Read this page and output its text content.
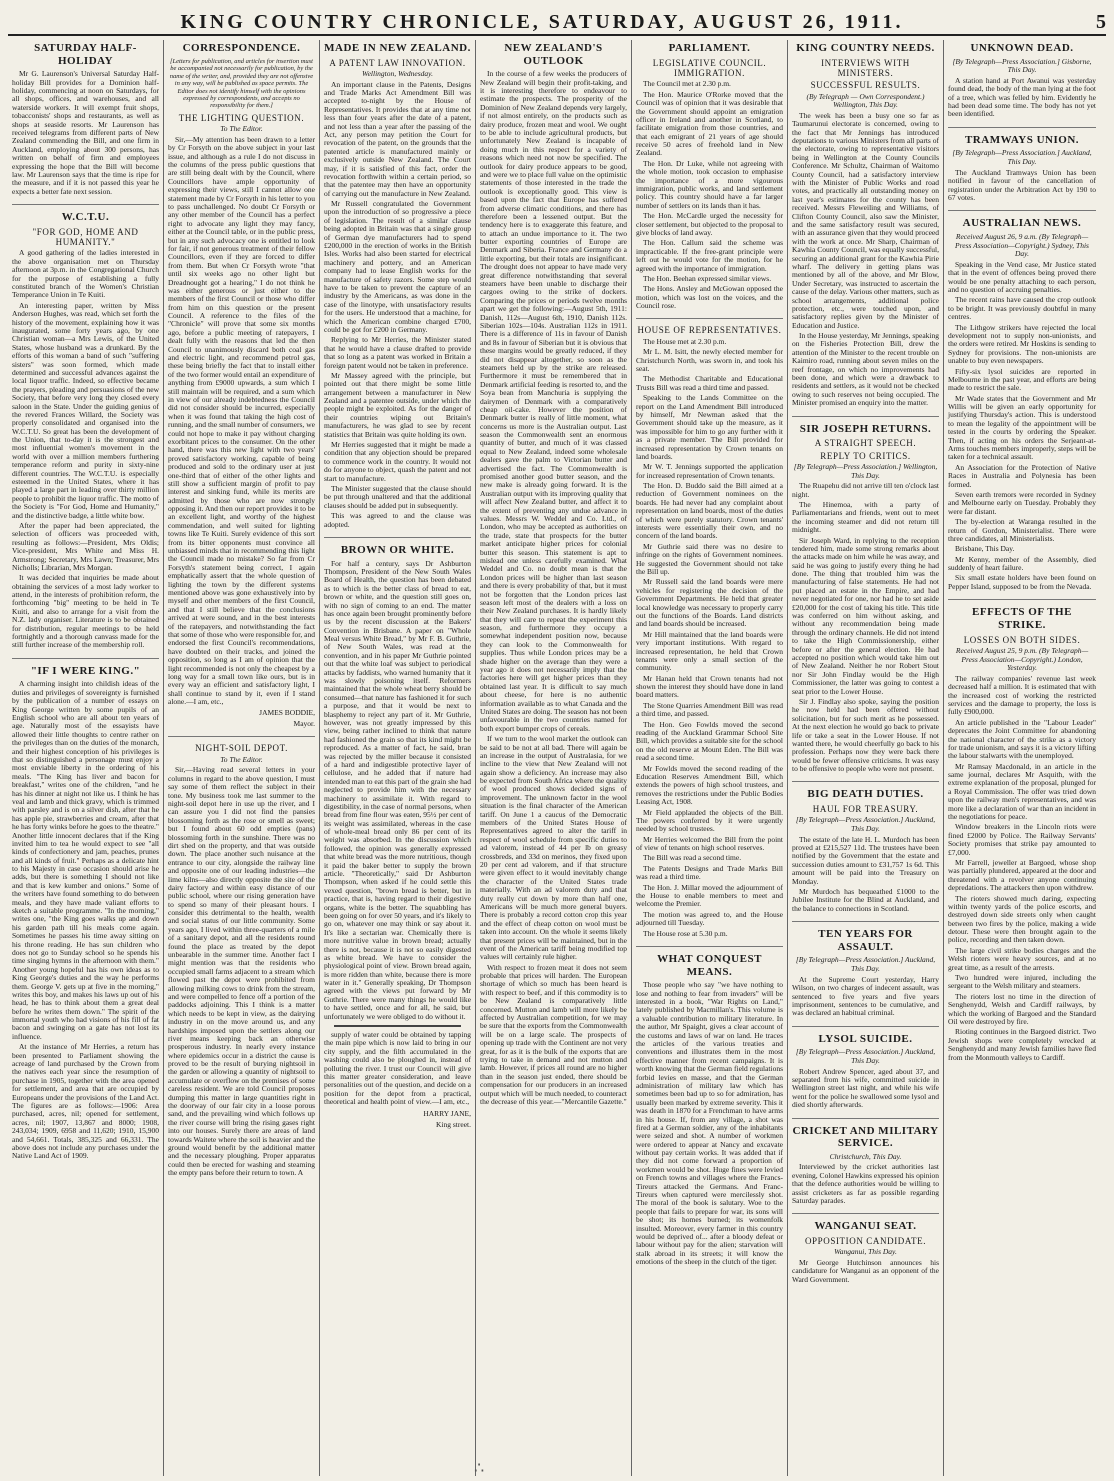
KING COUNTRY CHRONICLE, SATURDAY, AUGUST 26, 1911.	5
SATURDAY HALF-HOLIDAY

Mr G. Laurenson's Universal Saturday Half-holiday Bill provides for a Dominion half-holiday, commencing at noon on Saturdays, for all shops, offices, and warehouses, and all waterside workers. It will exempt fruit shops, tobacconists' shops and restaurants, as well as shops at seaside resorts. Mr Laurenson has received telegrams from different parts of New Zealand commending the Bill, and one firm in Auckland, employing about 300 persons, has written on behalf of firm and employees expressing the hope that the Bill will become law. Mr Laurenson says that the time is ripe for the measure, and if it is not passed this year he expects a better fate next session.

W.C.T.U.
"FOR GOD, HOME AND HUMANITY."

A good gathering of the ladies interested in the above organisation met on Thursday afternoon at 3p.m. in the Congregational Church for the purpose of establishing a fully constituted branch of the Women's Christian Temperance Union in Te Kuiti.

An interesting paper, written by Miss Anderson Hughes, was read, which set forth the history of the movement, explaining how it was inaugurated, some forty years ago, by one Christian woman—a Mrs Lewis, of the United States, whose husband was a drunkard. By the efforts of this woman a band of such "suffering sisters" was soon formed, which made determined and successful advances against the local liquor traffic. Indeed, so effective became the prayers, pleading and persuasions of the new Society, that before very long they closed every saloon in the State. Under the guiding genius of the revered Frances Willard, the Society was properly consolidated and organised into the W.C.T.U. So great has been the development of the Union, that to-day it is the strongest and most influential women's movement in the world with over a million members furthering temperance reform and purity in sixty-nine different countries. The W.C.T.U. is especially esteemed in the United States, where it has played a large part in leading over thirty million people to prohibit the liquor traffic. The motto of the Society is "For God, Home and Humanity," and the distinctive badge, a little white bow.

After the paper had been appreciated, the selection of officers was proceeded with, resulting as follows:—President, Mrs Oldis; Vice-president, Mrs White and Miss H. Armstrong; Secretary, Mrs Lawn; Treasurer, Mrs Nicholls; Librarian, Mrs Morgan.

It was decided that inquiries be made about obtaining the services of a most lady worker to attend, in the interests of prohibition reform, the forthcoming "big" meeting to be held in Te Kuiti, and also to arrange for a visit from the N.Z. lady organiser. Literature is to be obtained for distribution, regular meetings to be held fortnightly and a thorough canvass made for the still further increase of the membership roll.

"IF I WERE KING."

A charming insight into childish ideas of the duties and privileges of sovereignty is furnished by the publication of a number of essays on King George written by some pupils of an English school who are all about ten years of age. Naturally most of the essayists have allowed their little thoughts to centre rather on the privileges than on the duties of the monarch, and their highest conception of his privileges is that so distinguished a personage must enjoy a most enviable liberty in the ordering of his meals. "The King has liver and bacon for breakfast," writes one of the children, "and he has his dinner at night not like us. I think he has veal and lamb and thick gravy, which is trimmed with parsley and is on a silver dish, after that he has apple pie, strawberries and cream, after that he has forty winks before he goes to the theatre." Another little innocent declares that if the King invited him to tea he would expect to see "all kinds of confectionery and jam, peaches, prunes and all kinds of fruit." Perhaps as a delicate hint to his Majesty in case occasion should arise he adds, but there is something I should not like and that is kew kumber and onions." Some of the writers have found something to do between meals, and they have made valiant efforts to sketch a suitable programme. "In the morning," writes one, "the King goes walks up and down his garden path till his meals come again. Sometimes he passes his time away sitting on his throne reading. He has sun children who does not go to Sunday school so he spends his time singing hymns in the afternoon with them." Another young hopeful has his own ideas as to King George's duties and the way he performs them. George V. gets up at five in the morning," writes this boy, and makes his laws up out of his head, he has to think about them a great deal before he writes them down." The spirit of the immortal youth who had visions of his fill of fat bacon and swinging on a gate has not lost its influence.

At the instance of Mr Herries, a return has been presented to Parliament showing the acreage of land purchased by the Crown from the natives each year since the resumption of purchase in 1905, together with the area opened for settlement, and area that are occupied by Europeans under the provisions of the Land Act. The figures are as follows:—1906: Area purchased, acres, nil; opened for settlement, acres, nil; 1907, 13,867 and 8000; 1908, 243,034; 1909, 6958 and 11,620; 1910, 15,900 and 54,661. Totals, 385,325 and 66,331. The above does not include any purchases under the Native Land Act of 1909.

CORRESPONDENCE.
[Letters for publication, and articles for insertion must be accompanied not necessarily for publication, by the name of the writer, and, provided they are not offensive in any way, will be published as space permits. The Editor does not identify himself with the opinions expressed by correspondents, and accepts no responsibility for them.]
THE LIGHTING QUESTION.
To The Editor.

Sir,—My attention has been drawn to a letter by Cr Forsyth on the above subject in your last issue, and although as a rule I do not discuss in the columns of the press public questions that are still being dealt with by the Council, where Councillors have ample opportunity of expressing their views, still I cannot allow one statement made by Cr Forsyth in his letter to you to pass unchallenged. No doubt Cr Forsyth or any other member of the Council has a perfect right to advocate any light they may fancy, either at the Council table, or in the public press, but in any such advocacy one is entitled to look for fair, if not generous treatment of their fellow Councillors, even if they are forced to differ from them. But when Cr Forsyth wrote "that until six weeks ago no other light but Dreadnought got a hearing," I do not think he was either generous or just either to the members of the first Council or those who differ from him on this question or the present Council. A reference to the files of the "Chronicle" will prove that some six months ago, before a public meeting of ratepayers, I dealt fully with the reasons that led the then Council to unanimously discard both coal gas and electric light, and recommend petrol gas, these being briefly the fact that to install either of the two former would entail an expenditure of anything from £9000 upwards, a sum which I still maintain will be required, and a sum which in view of our already indebtedness the Council did not consider should be incurred, especially when it was found that taking the high cost of running, and the small number of consumers, we could not hope to make it pay without charging exorbitant prices to the consumer. On the other hand, there was this new light with two years' proved satisfactory working, capable of being produced and sold to the ordinary user at just one-third that of either of the other lights and still show a sufficient margin of profit to pay interest and sinking fund, while its merits are admitted by those who are now strongly opposing it. And then our report provides it to be an excellent light, and worthy of the highest commendation, and well suited for lighting towns like Te Kuiti. Surely evidence of this sort from its bitter opponents must convince all unbiassed minds that in recommending this light the Council made no mistake? So far from Cr Forsyth's statement being correct, I again emphatically assert that the whole question of lighting the town by the different systems mentioned above was gone exhaustively into by myself and other members of the first Council, and that I still believe that the conclusions arrived at were sound, and in the best interests of the ratepayers, and notwithstanding the fact that some of those who were responsible for, and endorsed the first Council's recommendations, have doubted on their tracks, and joined the opposition, so long as I am of opinion that the light recommended is not only the cheapest by a long way for a small town like ours, but is in every way an efficient and satisfactory light, I shall continue to stand by it, even if I stand alone.—I am, etc.,

JAMES BODDIE,
Mayor.
NIGHT-SOIL DEPOT.
To The Editor.

Sir,—Having read several letters in your columns in regard to the above question, I must say some of them reflect the subject in their tone. My business took me last summer to the night-soil depot here in use up the river, and I can assure you I did not find the pansies blossoming forth as the rose or smell as sweet; but I found about 60 odd empties (pans) blossoming forth in the sunshine. There was no dirt shed on the property, and that was outside down. The place another such nuisance at the entrance to our city, alongside the railway line and opposite one of our leading industries—the lime kilns—also directly opposite the site of the dairy factory and within easy distance of our public school, where our rising generation have to spend so many of their pleasant hours. I consider this detrimental to the health, wealth and social status of our little community. Some years ago, I lived within three-quarters of a mile of a sanitary depot, and all the residents round found the place as treated by the depot unbearable in the summer time. Another fact I might mention was that the residents who occupied small farms adjacent to a stream which flowed past the depot were prohibited from allowing milking cows to drink from the stream, and were compelled to fence off a portion of the paddocks adjoining. This I think is a matter which needs to be kept in view, as the dairying industry in on the move around us, and any hardships imposed upon the settlers along our river means keeping back an otherwise prosperous industry. In nearly every instance where epidemics occur in a district the cause is proved to be the result of burying nightsoil in the garden or allowing a quantity of nightsoil to accumulate or overflow on the premises of some careless resident. We are told Council proposes dumping this matter in large quantities right in the doorway of our fair city in a loose porous sand, and the prevailing wind which follows up the river course will bring the rising gases right into our houses. Surely there are areas of land towards Waitete where the soil is heavier and the ground would benefit by the additional matter and the necessary ploughing. Proper apparatus could then be erected for washing and steaming the empty pans before their return to town. A

MADE IN NEW ZEALAND.
A PATENT LAW INNOVATION.
Wellington, Wednesday.

An important clause in the Patents, Designs and Trade Marks Act Amendment Bill was accepted to-night by the House of Representatives. It provides that at any time not less than four years after the date of a patent, and not less than a year after the passing of the Act, any person may petition the Court for revocation of the patent, on the grounds that the patented article is manufactured mainly or exclusively outside New Zealand. The Court may, if it is satisfied of this fact, order the revocation forthwith within a certain period, so that the patentee may then have an opportunity of carrying out the manufacture in New Zealand.

Mr Russell congratulated the Government upon the introduction of so progressive a piece of legislation. The result of a similar clause being adopted in Britain was that a single group of German dye manufacturers had to spend £200,000 in the erection of works in the British Isles. Works had also been started for electrical machinery and pottery, and an American company had to lease English works for the manufacture of safety razors. Some step would have to be taken to prevent the capture of an industry by the Americans, as was done in the case of the linotype, with unsatisfactory results for the users. He understood that a machine, for which the American combine charged £700, could be got for £200 in Germany.

Replying to Mr Herries, the Minister stated that he would have a clause drafted to provide that so long as a patent was worked in Britain a foreign patent would not be taken in preference.

Mr Massey agreed with the principle, but pointed out that there might be some little arrangement between a manufacturer in New Zealand and a patentee outside, under which the people might be exploited. As for the danger of their countries wiping out Britain's manufacturers, he was glad to see by recent statistics that Britain was quite holding its own.

Mr Herries suggested that it might be made a condition that any objection should be prepared to commence work in the country. It would not do for anyone to object, quash the patent and not start to manufacture.

The Minister suggested that the clause should be put through unaltered and that the additional clauses should be added put in subsequently.

This was agreed to and the clause was adopted.

BROWN OR WHITE.

For half a century, says Dr Ashburton Thompson, President of the New South Wales Board of Health, the question has been debated as to which is the better class of bread to eat, brown or white, and the question still goes on, with no sign of coming to an end. The matter has once again been brought prominently before us by the recent discussion at the Bakers' Convention in Brisbane. A paper on "Whole Meal versus White Bread," by Mr F. B. Guthrie, of New South Wales, was read at the convention, and in his paper Mr Guthrie pointed out that the white loaf was subject to periodical attacks by faddists, who warned humanity that it was slowly poisoning itself. Reformers maintained that the whole wheat berry should be consumed—that nature has fashioned it for such a purpose, and that it would be next to blasphemy to reject any part of it. Mr Guthrie, however, was not greatly impressed by this view, being rather inclined to think that nature had fashioned the grain so that its kind might be reproduced. As a matter of fact, he said, bran was rejected by the miller because it consisted of a hard and indigestible protective layer of cellulose, and he added that if nature had intended man to eat this part of the grain she had neglected to provide him with the necessary machinery to assimilate it. With regard to digestibility, in the case of normal persons, when bread from fine flour was eaten, 95½ per cent of its weight was assimilated, whereas in the case of whole-meal bread only 86 per cent of its weight was absorbed. In the discussion which followed, the opinion was generally expressed that white bread was the more nutritious, though it paid the baker better to supply the brown article. "Theoretically," said Dr Ashburton Thompson, when asked if he could settle this vexed question, "brown bread is better, but in practice, that is, having regard to their digestive organs, white is the better. The squabbling has been going on for over 50 years, and it's likely to go on, whatever one may think or say about it. It's like a sectarian war. Chemically there is more nutritive value in brown bread; actually there is not, because it is not so easily digested as white bread. We have to consider the physiological point of view. Brown bread again, is more ridden than white, because there is more water in it." Generally speaking, Dr Thompson agreed with the views put forward by Mr Guthrie. There were many things he would like to have settled, once and for all, he said, but unfortunately we were obliged to do without it.

supply of water could be obtained by tapping the main pipe which is now laid to bring in our city supply, and the filth accumulated in the washing could also be ploughed in, instead of polluting the river. I trust our Council will give this matter greater consideration, and leave personalities out of the question, and decide on a position for the depot from a practical, theoretical and health point of view.—I am, etc.,

HARRY JANE,
King street.
NEW ZEALAND'S OUTLOOK

In the course of a few weeks the producers of New Zealand will begin their profit-taking, and it is interesting therefore to endeavour to estimate the prospects. The prosperity of the Dominion of New Zealand depends very largely, if not almost entirely, on the products such as dairy produce, frozen meat and wool. We ought to be able to include agricultural products, but unfortunately New Zealand is incapable of doing much in this respect for a variety of reasons which need not now be specified. The outlook for dairy produce appears to be good, and were we to place full value on the optimistic statements of those interested in the trade the outlook is exceptionally good. This view is based upon the fact that Europe has suffered from adverse climatic conditions, and there has therefore been a lessened output. But the tendency here is to exaggerate this feature, and to attach an undue importance to it. The two butter exporting countries of Europe are Denmark and Siberia. France and Germany do a little exporting, but their totals are insignificant. The drought does not appear to have made very great difference notwithstanding that several steamers have been unable to discharge their cargoes owing to the strike of dockers. Comparing the prices or periods twelve months apart we get the following:—August 5th, 1911: Danish, 112s—August 6th, 1910, Danish 112s. Siberian 102s—104s. Australian 112s in 1911. There is a difference of 11s in favour of Danish and 8s in favour of Siberian but it is obvious that these margins would be greatly reduced, if they did not disappear altogether, so soon as the steamers held up by the strike are released. Furthermore it must be remembered that in Denmark artificial feeding is resorted to, and the Soya bean from Manchuria is supplying the dairymen of Denmark with a comparatively cheap oil-cake. However the position of Denmark butter is really of little moment, what concerns us more is the Australian output. Last season the Commonwealth sent an enormous quantity of butter, and much of it was classed equal to New Zealand, indeed some wholesale dealers gave the palm to Victorian butter and advertised the fact. The Commonwealth is promised another good butter season, and the new make is already going forward. It is the Australian output with its improving quality that will affect New Zealand butter, and affect it to the extent of preventing any undue advance in values. Messrs W. Weddel and Co. Ltd., of London, who may be accepted as authorities on the trade, state that prospects for the butter market anticipate higher prices for colonial butter this season. This statement is apt to mislead one unless carefully examined. What Weddel and Co. no doubt mean is that the London prices will be higher than last season and there is every probability of that, but it must not be forgotten that the London prices last season left most of the dealers with a loss on their New Zealand purchases. It is hardly likely that they will care to repeat the experiment this season, and furthermore they occupy a somewhat independent position now, because they can look to the Commonwealth for supplies. Thus while London prices may be a shade higher on the average than they were a year ago it does not necessarily imply that the factories here will get higher prices than they obtained last year. It is difficult to say much about cheese, for here is no authentic information available as to what Canada and the United States are doing. The season has not been unfavourable in the two countries named for both export bumper crops of cereals.

If we turn to the wool market the outlook can be said to be not at all bad. There will again be an increase in the output of Australasia, for we incline to the view that New Zealand will not again show a deficiency. An increase may also be expected from South Africa where the quality of wool produced shows decided signs of improvement. The unknown factor in the wool situation is the final character of the American tariff. On June 1 a caucus of the Democratic members of the United States House of Representatives agreed to alter the tariff in respect of wool schedule from specific duties to ad valorem, instead of 44 per lb on greasy crossbreds, and 33d on merinos, they fixed upon 20 per cent ad valorem, and if that structure were given effect to it would inevitably change the character of the United States trade materially. With an ad valorem duty and that duty really cut down by more than half one, Americans will be much more general buyers. There is probably a record cotton crop this year and the effect of cheap cotton on wool must be taken into account. On the whole it seems likely that present prices will be maintained, but in the event of the American tariff being modified top values will certainly rule higher.

With respect to frozen meat it does not seem probable that prices will harden. The European shortage of which so much has been heard is with respect to beef, and if this commodity is to be New Zealand is comparatively little concerned. Mutton and lamb will more likely be affected by Australian competition, for we may be sure that the exports from the Commonwealth will be on a large scale. The prospects of opening up trade with the Continent are not very great, for as it is the bulk of the exports that are trying to take in demand and not mutton and lamb. However, if prices all round are no higher than in the season just ended, there should be compensation for our producers in an increased output which will be much needed, to counteract the decrease of this year.—"Mercantile Gazette."

PARLIAMENT.
LEGISLATIVE COUNCIL. IMMIGRATION.

The Council met at 2.30 p.m.

The Hon. Maurice O'Rorke moved that the Council was of opinion that it was desirable that the Government should appoint an emigration officer in Ireland and another in Scotland, to facilitate emigration from those countries, and that each emigrant of 21 years of age should receive 50 acres of freehold land in New Zealand.

The Hon. Dr Luke, while not agreeing with the whole motion, took occasion to emphasise the importance of a more vigourous immigration, public works, and land settlement policy. This country should have a far larger number of settlers on its lands than it has.

The Hon. McCardle urged the necessity for closer settlement, but objected to the proposal to give blocks of land away.

The Hon. Callum said the scheme was impracticable. If the free-grant principle were left out he would vote for the motion, for he agreed with the importance of immigration.

The Hon. Beehan expressed similar views.

The Hons. Ansley and McGowan opposed the motion, which was lost on the voices, and the Council rose.

HOUSE OF REPRESENTATIVES.

The House met at 2.30 p.m.

Mr L. M. Isitt, the newly elected member for Christchurch North, was sworn in, and took his seat.

The Methodist Charitable and Educational Trusts Bill was read a third time and passed.

Speaking to the Lands Committee on the report on the Land Amendment Bill introduced by himself, Mr Newman asked that the Government should take up the measure, as it was impossible for him to go any further with it as a private member. The Bill provided for increased representation by Crown tenants on land boards.

Mr W. T. Jennings supported the application for increased representation of Crown tenants.

The Hon. D. Buddo said the Bill aimed at a reduction of Government nominees on the boards. He had never had any complaint about representation on land boards, most of the duties of which were purely statutory. Crown tenants' interests were essentially their own, and no concern of the land boards.

Mr Guthrie said there was no desire to infringe on the rights of Government nominees. He suggested the Government should not take the Bill up.

Mr Russell said the land boards were mere vehicles for registering the decision of the Government Departments. He held that greater local knowledge was necessary to properly carry out the functions of the Boards. Land districts and land boards should be increased.

Mr Hill maintained that the land boards were very important institutions. With regard to increased representation, he held that Crown tenants were only a small section of the community.

Mr Hanan held that Crown tenants had not shown the interest they should have done in land board matters.

The Stone Quarries Amendment Bill was read a third time, and passed.

The Hon. Geo Fowlds moved the second reading of the Auckland Grammar School Site Bill, which provides a suitable site for the school on the old reserve at Mount Eden. The Bill was read a second time.

Mr Fowlds moved the second reading of the Education Reserves Amendment Bill, which extends the powers of high school trustees, and removes the restrictions under the Public Bodies Leasing Act, 1908.

Mr Field applauded the objects of the Bill. The powers conferred by it were urgently needed by school trustees.

Mr Herries welcomed the Bill from the point of view of tenants on high school reserves.

The Bill was read a second time.

The Patents Designs and Trade Marks Bill was read a third time.

The Hon. J. Millar moved the adjournment of the House to enable members to meet and welcome the Premier.

The motion was agreed to, and the House adjourned till Tuesday.

The House rose at 5.30 p.m.

WHAT CONQUEST MEANS.

Those people who say "we have nothing to lose and nothing to fear from invaders" will be interested in a book, "War Rights on Land," lately published by Macmillan's. This volume is a valuable contribution to military literature. In the author, Mr Spaight, gives a clear account of the customs and laws of war on land. He traces the articles of the various treaties and conventions and illustrates them in the most effective manner from recent campaigns. It is worth knowing that the German field regulations forbid levies en masse, and that the German administration of military law which has sometimes been bad up to so for admiration, has usually been marked by extreme severity. This it was death in 1870 for a Frenchman to have arms in his house. If, from any village, a shot was fired at a German soldier, any of the inhabitants were seized and shot. A number of workmen were ordered to appear at Nancy and excavate without pay certain works. It was added that if they did not come forward a proportion of workmen would be shot. Huge fines were levied on French towns and villages where the Francs-Tireurs attacked the Germans. And Franc-Tireurs when captured were mercilessly shot. The moral of the book is salutary. Woe to the people that fails to prepare for war, its sons will be shot; its homes burned; its womenfolk insulted. Moreover, every farmer in this country would be deprived of... after a bloody defeat or labour without pay for the alien; starvation will stalk abroad in its streets; it will know the emotions of the sheep in the clutch of the tiger.

KING COUNTRY NEEDS.
INTERVIEWS WITH MINISTERS.
SUCCESSFUL RESULTS.
(By Telegraph — Own Correspondent.) Wellington, This Day.

The week has been a busy one so far as Taumarunui electorate is concerned, owing to the fact that Mr Jennings has introduced deputations to various Ministers from all parts of the electorate, owing to representative visitors being in Wellington at the County Councils Conference. Mr Schultz, Chairman of Waitomo County Council, had a satisfactory interview with the Minister of Public Works and road votes, and practically all outstanding money on last year's estimates for the county has been received. Messrs Fleweiling and Williams, of Clifton County Council, also saw the Minister, and the same satisfactory result was secured, with an assurance given that they would proceed with the work at once. Mr Sharp, Chairman of Kawhia County Council, was equally successful, securing an additional grant for the Kawhia Pirie wharf. The delivery in getting plans was mentioned by all of the above, and Mr Blow, Under Secretary, was instructed to ascertain the cause of the delay. Various other matters, such as school arrangements, additional police protection, etc., were touched upon, and satisfactory replies given by the Minister of Education and Justice.

In the House yesterday, Mr Jennings, speaking on the Fisheries Protection Bill, drew the attention of the Minister to the recent trouble on Kaimiro road, running about seven miles on the reef frontage, on which no improvements had been done, and which were a drawback to residents and settlers, as it would not be checked owing to such reserves not being occupied. The Minister promised an enquiry into the matter.

SIR JOSEPH RETURNS.
A STRAIGHT SPEECH.
REPLY TO CRITICS.
[By Telegraph—Press Association.] Wellington, This Day.

The Ruapehu did not arrive till ten o'clock last night.

The Hinemoa, with a party of Parliamentarians and friends, went out to meet the incoming steamer and did not return till midnight.

Sir Joseph Ward, in replying to the reception tendered him, made some strong remarks about the attacks made on him while he was away, and said he was going to justify every thing he had done. The thing that troubled him was the manufacturing of false statements. He had not put placed an estate in the Empire, and had never negotiated for one, nor had he to set aside £20,000 for the cost of taking his title. This title was conferred on him without asking, and without any recommendation being made through the ordinary channels. He did not intend to take the High Commissionership, either before or after the general election. He had accepted no position which would take him out of New Zealand. Neither he nor Robert Stout nor Sir John Findlay would be the High Commissioner, the latter was going to contest a seat prior to the Lower House.

Sir J. Findlay also spoke, saying the position he now held had been offered without solicitation, but for such merit as he possessed. At the next election he would go back to private life or take a seat in the Lower House. If not wanted there, he would cheerfully go back to his profession. Perhaps now they were back there would be fewer offensive criticisms. It was easy to be offensive to people who were not present.

BIG DEATH DUTIES.
HAUL FOR TREASURY.
[By Telegraph—Press Association.] Auckland, This Day.

The estate of the late H. L. Murdoch has been proved at £215,527 11d. The trustees have been notified by the Government that the estate and succession duties amount to £31,757 1s 6d. This amount will be paid into the Treasury on Monday.

Mr Murdoch has bequeathed £1000 to the Jubilee Institute for the Blind at Auckland, and the balance to connections in Scotland.

TEN YEARS FOR ASSAULT.
[By Telegraph—Press Association.] Auckland, This Day.

At the Supreme Court yesterday, Harry Wilson, on two charges of indecent assault, was sentenced to five years and five years imprisonment, sentences to be cumulative, and was declared an habitual criminal.

LYSOL SUICIDE.
[By Telegraph—Press Association.] Auckland, This Day.

Robert Andrew Spencer, aged about 37, and separated from his wife, committed suicide in Wellington street last night, and while his wife went for the police he swallowed some lysol and died shortly afterwards.

CRICKET AND MILITARY SERVICE.
Christchurch, This Day.

Interviewed by the cricket authorities last evening, Colonel Hawkins expressed his opinion that the defence authorities would be willing to assist cricketers as far as possible regarding Saturday parades.

WANGANUI SEAT.
OPPOSITION CANDIDATE.
Wanganui, This Day.

Mr George Hutchinson announces his candidature for Wanganui as an opponent of the Ward Government.

UNKNOWN DEAD.
[By Telegraph—Press Association.] Gisborne, This Day.

A station hand at Port Awanui was yesterday found dead, the body of the man lying at the foot of a tree, which was felled by him. Evidently he had been dead some time. The body has not yet been identified.

TRAMWAYS UNION.
[By Telegraph—Press Association.] Auckland, This Day.

The Auckland Tramways Union has been notified in favour of the cancellation of registration under the Arbitration Act by 190 to 67 votes.

AUSTRALIAN NEWS.
Received August 26, 9 a.m. (By Telegraph—Press Association—Copyright.) Sydney, This Day.

Speaking in the Vend case, Mr Justice stated that in the event of offences being proved there would be one penalty attaching to each person, and no question of accruing penalties.

The recent rains have caused the crop outlook to be bright. It was previously doubtful in many centres.

The Lithgow strikers have rejected the local development not to supply non-unionists, and the orders were retired. Mr Hoskins is sending to Sydney for provisions. The non-unionists are unable to buy even newspapers.

Fifty-six lysol suicides are reported in Melbourne in the past year, and efforts are being made to restrict the sale.

Mr Wade states that the Government and Mr Willis will be given an early opportunity for justifying Thursday's action. This is understood to mean the legality of the appointment will be tested in the courts by ordering the Speaker. Then, if acting on his orders the Serjeant-at-Arms touches members improperly, steps will be taken for a technical assault.

An Association for the Protection of Native Races in Australia and Polynesia has been formed.

Seven earth tremors were recorded in Sydney and Melbourne early on Tuesday. Probably they were far distant.

The by-election at Waranga resulted in the return of Gordon, Ministerialist. There were three candidates, all Ministerialists.

Brisbane, This Day.

Mr Kenny, member of the Assembly, died suddenly of heart failure.

Six small estate holders have been found on Pepper Island, supposed to be from the Nevada.

EFFECTS OF THE STRIKE.
LOSSES ON BOTH SIDES.
Received August 25, 9 p.m. (By Telegraph—Press Association—Copyright.) London, Yesterday.

The railway companies' revenue last week decreased half a million. It is estimated that with the increased cost of working the restricted services and the damage to property, the loss is fully £900,000.

An article published in the "Labour Leader" deprecates the Joint Committee for abandoning the national character of the strike as a victory for trade unionism, and says it is a victory lifting the labour stalwarts with the unemployed.

Mr Ramsay Macdonald, in an article in the same journal, declares Mr Asquith, with the extreme explanation of the proposal, plunged for a Royal Commission. The offer was tried down upon the railway men's representatives, and was more like a declaration of war than an incident in the negotiations for peace.

Window breakers in the Lincoln riots were fined £2000 by Police. The Railway Servants' Society promises that strike pay amounted to £7,000.

Mr Farrell, jeweller at Bargoed, whose shop was partially plundered, appeared at the door and threatened with a revolver anyone continuing depredations. The attackers then upon withdrew.

The rioters showed much daring, expecting within twenty yards of the police escorts, and destroyed down side streets only when caught between two fires by the police, making a wide detour. These were then brought again to the police, recording and then taken down.

The large civil strike bodies charges and the Welsh rioters were heavy sources, and at no great time, as a result of the arrests.

Two hundred were injured, including the sergeant to the Welsh military and steamers.

The rioters lost no time in the direction of Senghenydd, Welsh and Cardiff railways, by which the working of Bargoed and the Standard Oil were destroyed by fire.

Rioting continues in the Bargoed district. Two Jewish shops were completely wrecked at Senghenydd and many Jewish families have fled from the Monmouth valleys to Cardiff.

∴
